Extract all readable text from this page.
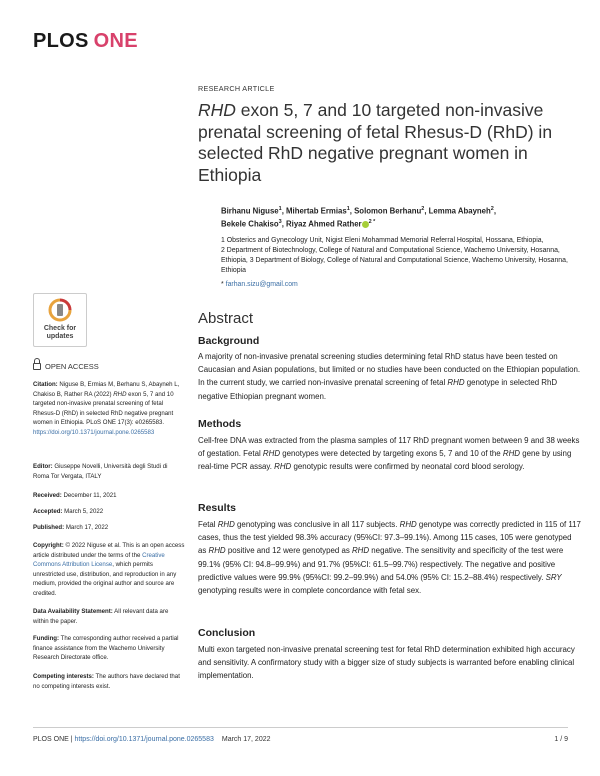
PLOS ONE
RESEARCH ARTICLE
RHD exon 5, 7 and 10 targeted non-invasive prenatal screening of fetal Rhesus-D (RhD) in selected RhD negative pregnant women in Ethiopia
Birhanu Niguse$^1$, Mihertab Ermias$^1$, Solomon Berhanu$^2$, Lemma Abayneh$^2$,
Bekele Chakiso$^3$, Riyaz Ahmed Rather $^{2 *}$
1 Obsterics and Gynecology Unit, Nigist Eleni Mohammad Memorial Referral Hospital, Hossana, Ethiopia,
2 Department of Biotechnology, College of Natural and Computational Science, Wachemo University, Hosanna, Ethiopia, 3 Department of Biology, College of Natural and Computational Science, Wachemo University, Hosanna, Ethiopia
* farhan.sizu@gmail.com
Check for updates
OPEN ACCESS
Citation: Niguse B, Ermias M, Berhanu S, Abayneh L, Chakiso B, Rather RA (2022) RHD exon 5, 7 and 10 targeted non-invasive prenatal screening of fetal Rhesus-D (RhD) in selected RhD negative pregnant women in Ethiopia. PLoS ONE 17(3): e0265583. https://doi.org/10.1371/journal.pone.0265583
Editor: Giuseppe Novelli, Università degli Studi di Roma Tor Vergata, ITALY
Received: December 11, 2021
Accepted: March 5, 2022
Published: March 17, 2022
Copyright: © 2022 Niguse et al. This is an open access article distributed under the terms of the Creative Commons Attribution License, which permits unrestricted use, distribution, and reproduction in any medium, provided the original author and source are credited.
Data Availability Statement: All relevant data are within the paper.
Funding: The corresponding author received a partial finance assistance from the Wachemo University Research Directorate office.
Competing interests: The authors have declared that no competing interests exist.
Abstract
Background
A majority of non-invasive prenatal screening studies determining fetal RhD status have been tested on Caucasian and Asian populations, but limited or no studies have been conducted on the Ethiopian population. In the current study, we carried non-invasive prenatal screening of fetal RHD genotype in selected RhD negative Ethiopian pregnant women.
Methods
Cell-free DNA was extracted from the plasma samples of 117 RhD pregnant women between 9 and 38 weeks of gestation. Fetal RHD genotypes were detected by targeting exons 5, 7 and 10 of the RHD gene by using real-time PCR assay. RHD genotypic results were confirmed by neonatal cord blood serology.
Results
Fetal RHD genotyping was conclusive in all 117 subjects. RHD genotype was correctly predicted in 115 of 117 cases, thus the test yielded 98.3% accuracy (95%CI: 97.3–99.1%). Among 115 cases, 105 were genotyped as RHD positive and 12 were genotyped as RHD negative. The sensitivity and specificity of the test were 99.1% (95% CI: 94.8–99.9%) and 91.7% (95%CI: 61.5–99.7%) respectively. The negative and positive predictive values were 99.9% (95%CI: 99.2–99.9%) and 54.0% (95% CI: 15.2–88.4%) respectively. SRY genotyping results were in complete concordance with fetal sex.
Conclusion
Multi exon targeted non-invasive prenatal screening test for fetal RhD determination exhibited high accuracy and sensitivity. A confirmatory study with a bigger size of study subjects is warranted before enabling clinical implementation.
PLOS ONE | https://doi.org/10.1371/journal.pone.0265583 March 17, 2022	1 / 9
